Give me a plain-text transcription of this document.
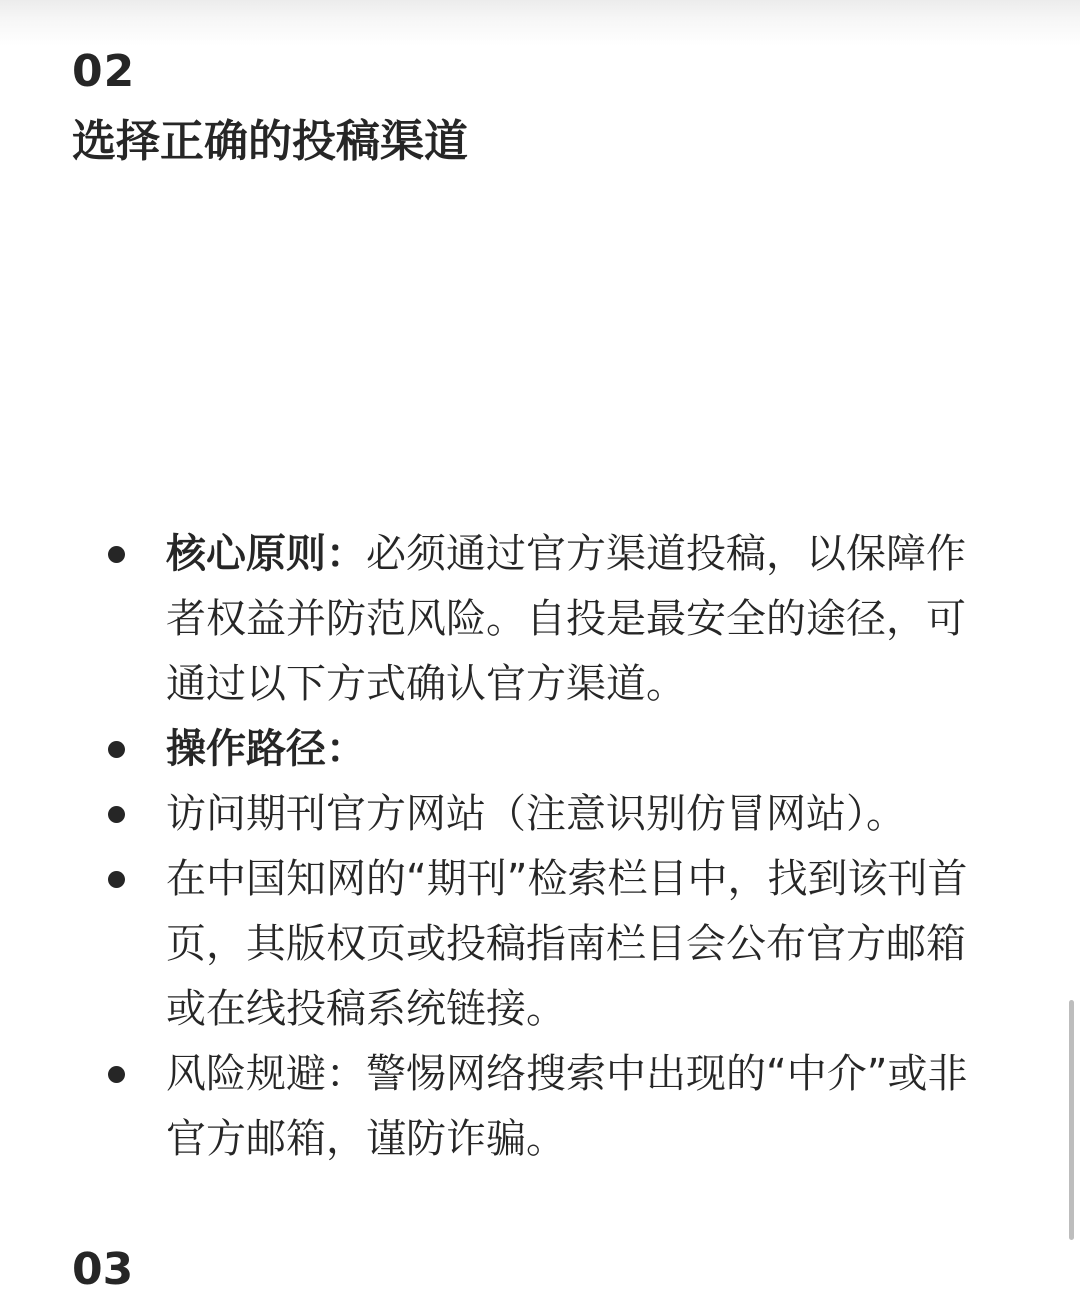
02
选择正确的投稿渠道
核心原则：必须通过官方渠道投稿，以保障作者权益并防范风险。自投是最安全的途径，可通过以下方式确认官方渠道。
操作路径：
访问期刊官方网站（注意识别仿冒网站）。
在中国知网的“期刊”检索栏目中，找到该刊首页，其版权页或投稿指南栏目会公布官方邮箱或在线投稿系统链接。
风险规避：警惕网络搜索中出现的“中介”或非官方邮箱，谨防诈骗。
03
